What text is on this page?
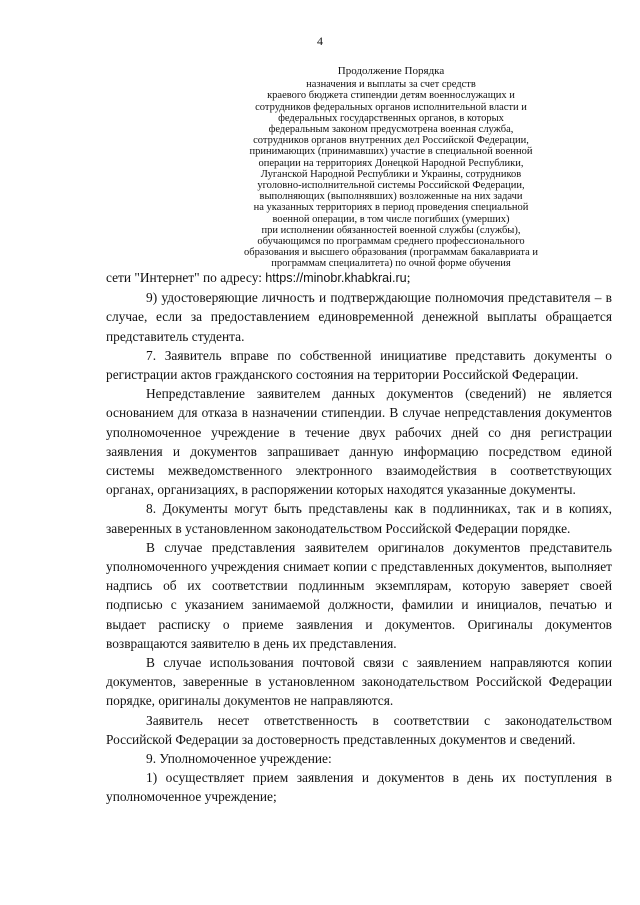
4
Продолжение Порядка
назначения и выплаты за счет средств
краевого бюджета стипендии детям военнослужащих и
сотрудников федеральных органов исполнительной власти и
федеральных государственных органов, в которых
федеральным законом предусмотрена военная служба,
сотрудников органов внутренних дел Российской Федерации,
принимающих (принимавших) участие в специальной военной
операции на территориях Донецкой Народной Республики,
Луганской Народной Республики и Украины, сотрудников
уголовно-исполнительной системы Российской Федерации,
выполняющих (выполнявших) возложенные на них задачи
на указанных территориях в период проведения специальной
военной операции, в том числе погибших (умерших)
при исполнении обязанностей военной службы (службы),
обучающимся по программам среднего профессионального
образования и высшего образования (программам бакалавриата и
программам специалитета) по очной форме обучения

сети "Интернет" по адресу: https://minobr.khabkrai.ru;

9) удостоверяющие личность и подтверждающие полномочия представителя – в случае, если за предоставлением единовременной денежной выплаты обращается представитель студента.

7. Заявитель вправе по собственной инициативе представить документы о регистрации актов гражданского состояния на территории Российской Федерации.

Непредставление заявителем данных документов (сведений) не является основанием для отказа в назначении стипендии. В случае непредставления документов уполномоченное учреждение в течение двух рабочих дней со дня регистрации заявления и документов запрашивает данную информацию посредством единой системы межведомственного электронного взаимодействия в соответствующих органах, организациях, в распоряжении которых находятся указанные документы.

8. Документы могут быть представлены как в подлинниках, так и в копиях, заверенных в установленном законодательством Российской Федерации порядке.

В случае представления заявителем оригиналов документов представитель уполномоченного учреждения снимает копии с представленных документов, выполняет надпись об их соответствии подлинным экземплярам, которую заверяет своей подписью с указанием занимаемой должности, фамилии и инициалов, печатью и выдает расписку о приеме заявления и документов. Оригиналы документов возвращаются заявителю в день их представления.

В случае использования почтовой связи с заявлением направляются копии документов, заверенные в установленном законодательством Российской Федерации порядке, оригиналы документов не направляются.

Заявитель несет ответственность в соответствии с законодательством Российской Федерации за достоверность представленных документов и сведений.

9. Уполномоченное учреждение:

1) осуществляет прием заявления и документов в день их поступления в уполномоченное учреждение;
